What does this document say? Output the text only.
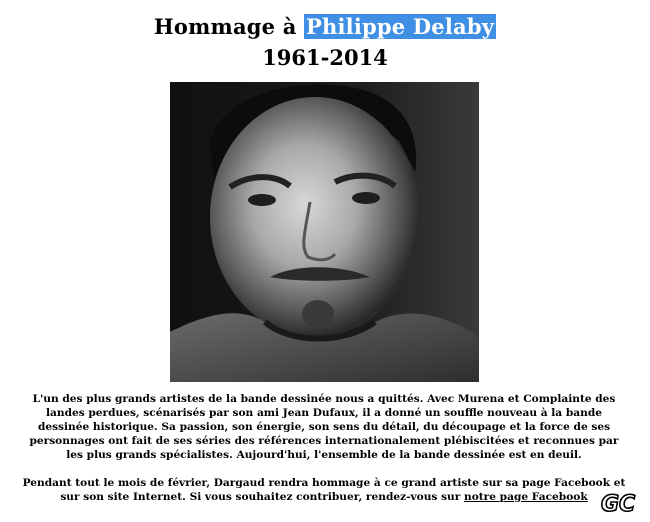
Hommage à Philippe Delaby
1961-2014
L'un des plus grands artistes de la bande dessinée nous a quittés. Avec Murena et Complainte des landes perdues, scénarisés par son ami Jean Dufaux, il a donné un souffle nouveau à la bande dessinée historique. Sa passion, son énergie, son sens du détail, du découpage et la force de ses personnages ont fait de ses séries des références internationalement plébiscitées et reconnues par les plus grands spécialistes. Aujourd'hui, l'ensemble de la bande dessinée est en deuil.
Pendant tout le mois de février, Dargaud rendra hommage à ce grand artiste sur sa page Facebook et sur son site Internet. Si vous souhaitez contribuer, rendez-vous sur notre page Facebook GC
